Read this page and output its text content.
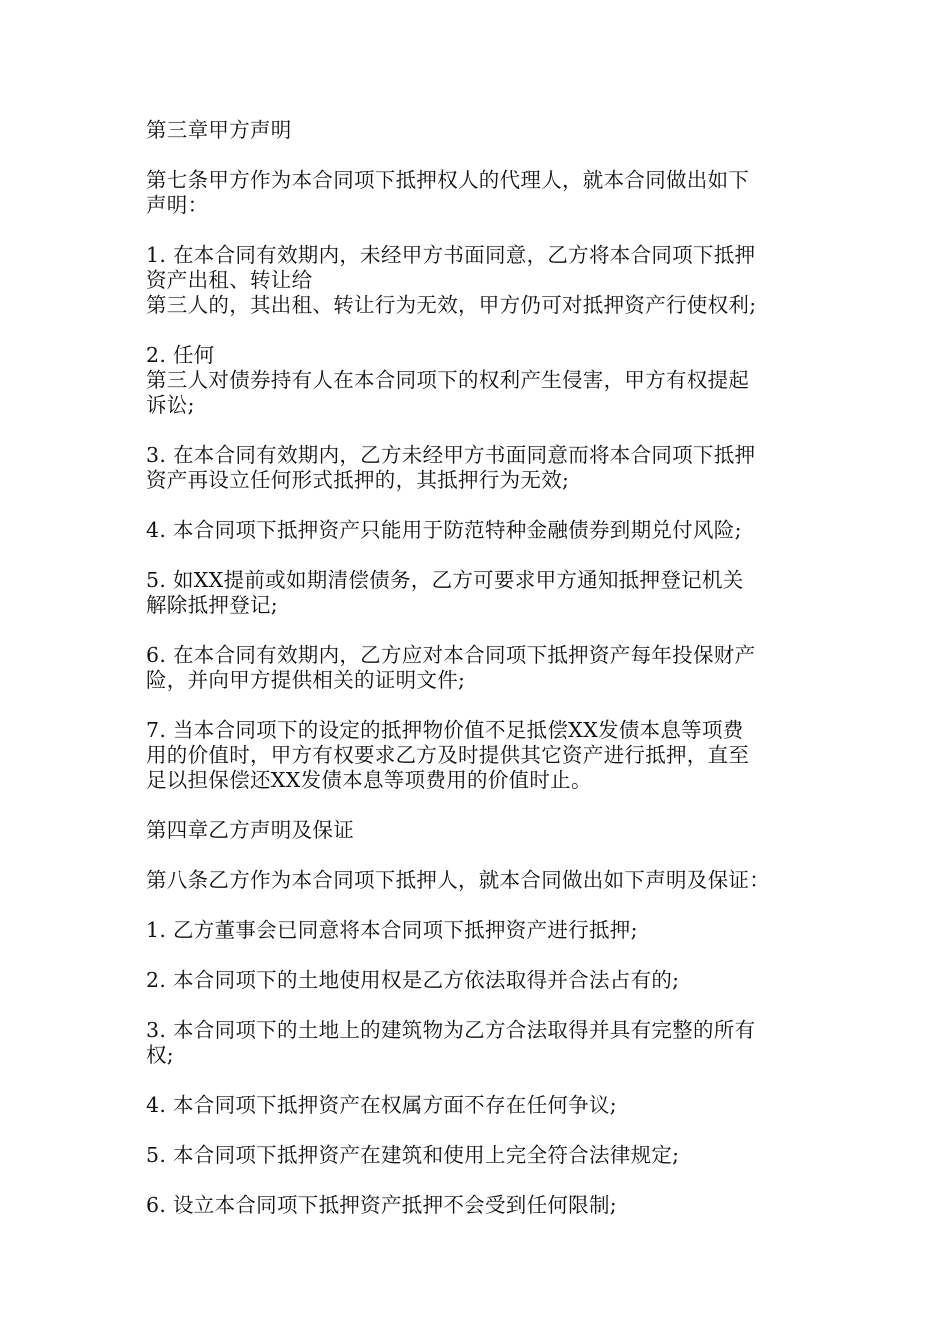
第三章甲方声明

第七条甲方作为本合同项下抵押权人的代理人，就本合同做出如下
声明：

1. 在本合同有效期内，未经甲方书面同意，乙方将本合同项下抵押
资产出租、转让给
第三人的，其出租、转让行为无效，甲方仍可对抵押资产行使权利;

2. 任何
第三人对债券持有人在本合同项下的权利产生侵害，甲方有权提起
诉讼;

3. 在本合同有效期内，乙方未经甲方书面同意而将本合同项下抵押
资产再设立任何形式抵押的，其抵押行为无效;

4. 本合同项下抵押资产只能用于防范特种金融债券到期兑付风险;

5. 如XX提前或如期清偿债务，乙方可要求甲方通知抵押登记机关
解除抵押登记;

6. 在本合同有效期内，乙方应对本合同项下抵押资产每年投保财产
险，并向甲方提供相关的证明文件;

7. 当本合同项下的设定的抵押物价值不足抵偿XX发债本息等项费
用的价值时，甲方有权要求乙方及时提供其它资产进行抵押，直至
足以担保偿还XX发债本息等项费用的价值时止。

第四章乙方声明及保证

第八条乙方作为本合同项下抵押人，就本合同做出如下声明及保证：

1. 乙方董事会已同意将本合同项下抵押资产进行抵押;

2. 本合同项下的土地使用权是乙方依法取得并合法占有的;

3. 本合同项下的土地上的建筑物为乙方合法取得并具有完整的所有
权;

4. 本合同项下抵押资产在权属方面不存在任何争议;

5. 本合同项下抵押资产在建筑和使用上完全符合法律规定;

6. 设立本合同项下抵押资产抵押不会受到任何限制;
